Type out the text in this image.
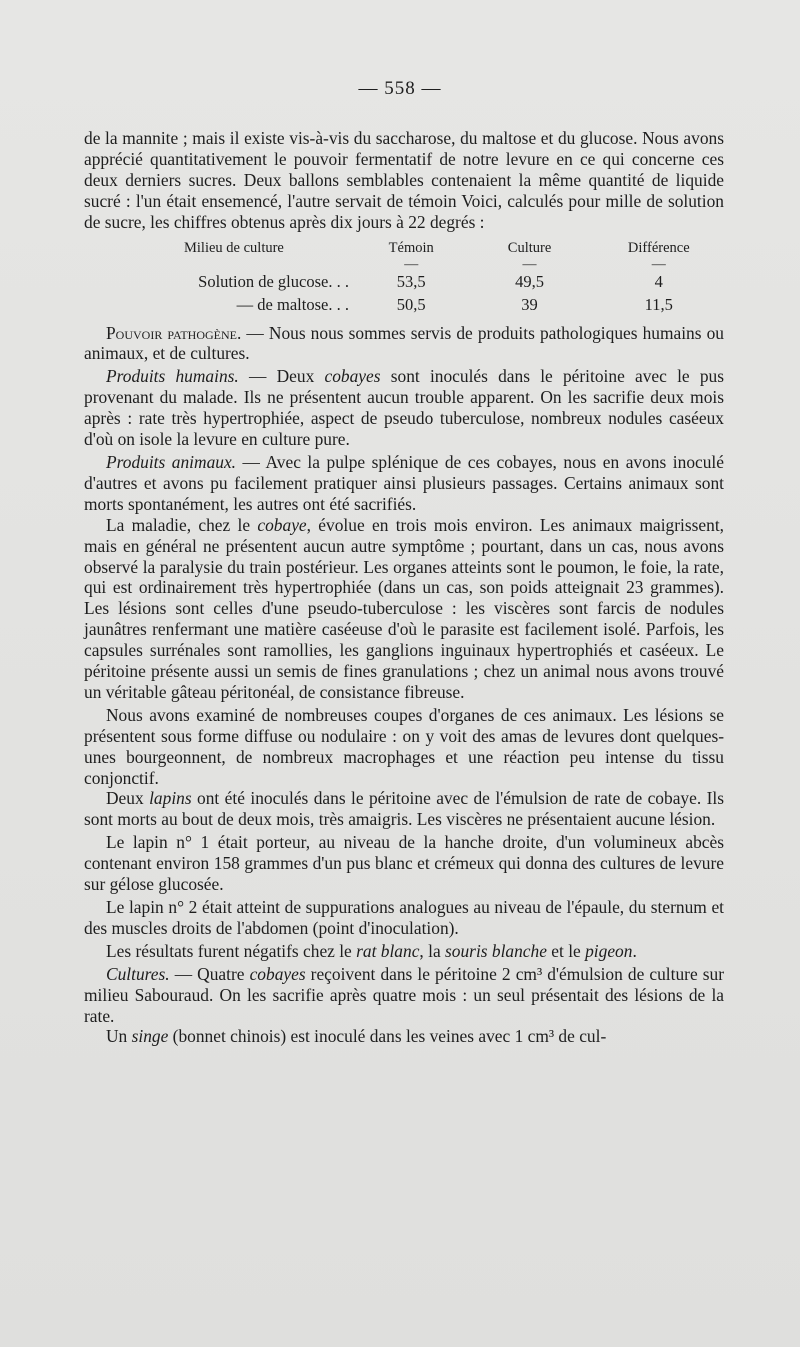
— 558 —

de la mannite ; mais il existe vis-à-vis du saccharose, du maltose et du glucose. Nous avons apprécié quantitativement le pouvoir fermentatif de notre levure en ce qui concerne ces deux derniers sucres. Deux ballons semblables contenaient la même quantité de liquide sucré : l'un était ensemencé, l'autre servait de témoin Voici, calculés pour mille de solution de sucre, les chiffres obtenus après dix jours à 22 degrés :

Milieu de culture	Témoin	Culture	Différence
	—	—	—
Solution de glucose. . .	53,5	49,5	4
— de maltose. . .	50,5	39	11,5

Pouvoir pathogène. — Nous nous sommes servis de produits pathologiques humains ou animaux, et de cultures.

Produits humains. — Deux cobayes sont inoculés dans le péritoine avec le pus provenant du malade. Ils ne présentent aucun trouble apparent. On les sacrifie deux mois après : rate très hypertrophiée, aspect de pseudo tuberculose, nombreux nodules caséeux d'où on isole la levure en culture pure.

Produits animaux. — Avec la pulpe splénique de ces cobayes, nous en avons inoculé d'autres et avons pu facilement pratiquer ainsi plusieurs passages. Certains animaux sont morts spontanément, les autres ont été sacrifiés.

La maladie, chez le cobaye, évolue en trois mois environ. Les animaux maigrissent, mais en général ne présentent aucun autre symptôme ; pourtant, dans un cas, nous avons observé la paralysie du train postérieur. Les organes atteints sont le poumon, le foie, la rate, qui est ordinairement très hypertrophiée (dans un cas, son poids atteignait 23 grammes). Les lésions sont celles d'une pseudo-tuberculose : les viscères sont farcis de nodules jaunâtres renfermant une matière caséeuse d'où le parasite est facilement isolé. Parfois, les capsules surrénales sont ramollies, les ganglions inguinaux hypertrophiés et caséeux. Le péritoine présente aussi un semis de fines granulations ; chez un animal nous avons trouvé un véritable gâteau péritonéal, de consistance fibreuse.

Nous avons examiné de nombreuses coupes d'organes de ces animaux. Les lésions se présentent sous forme diffuse ou nodulaire : on y voit des amas de levures dont quelques-unes bourgeonnent, de nombreux macrophages et une réaction peu intense du tissu conjonctif.

Deux lapins ont été inoculés dans le péritoine avec de l'émulsion de rate de cobaye. Ils sont morts au bout de deux mois, très amaigris. Les viscères ne présentaient aucune lésion.

Le lapin n° 1 était porteur, au niveau de la hanche droite, d'un volumineux abcès contenant environ 158 grammes d'un pus blanc et crémeux qui donna des cultures de levure sur gélose glucosée.

Le lapin n° 2 était atteint de suppurations analogues au niveau de l'épaule, du sternum et des muscles droits de l'abdomen (point d'inoculation).

Les résultats furent négatifs chez le rat blanc, la souris blanche et le pigeon.

Cultures. — Quatre cobayes reçoivent dans le péritoine 2 cm³ d'émulsion de culture sur milieu Sabouraud. On les sacrifie après quatre mois : un seul présentait des lésions de la rate.

Un singe (bonnet chinois) est inoculé dans les veines avec 1 cm³ de cul-
